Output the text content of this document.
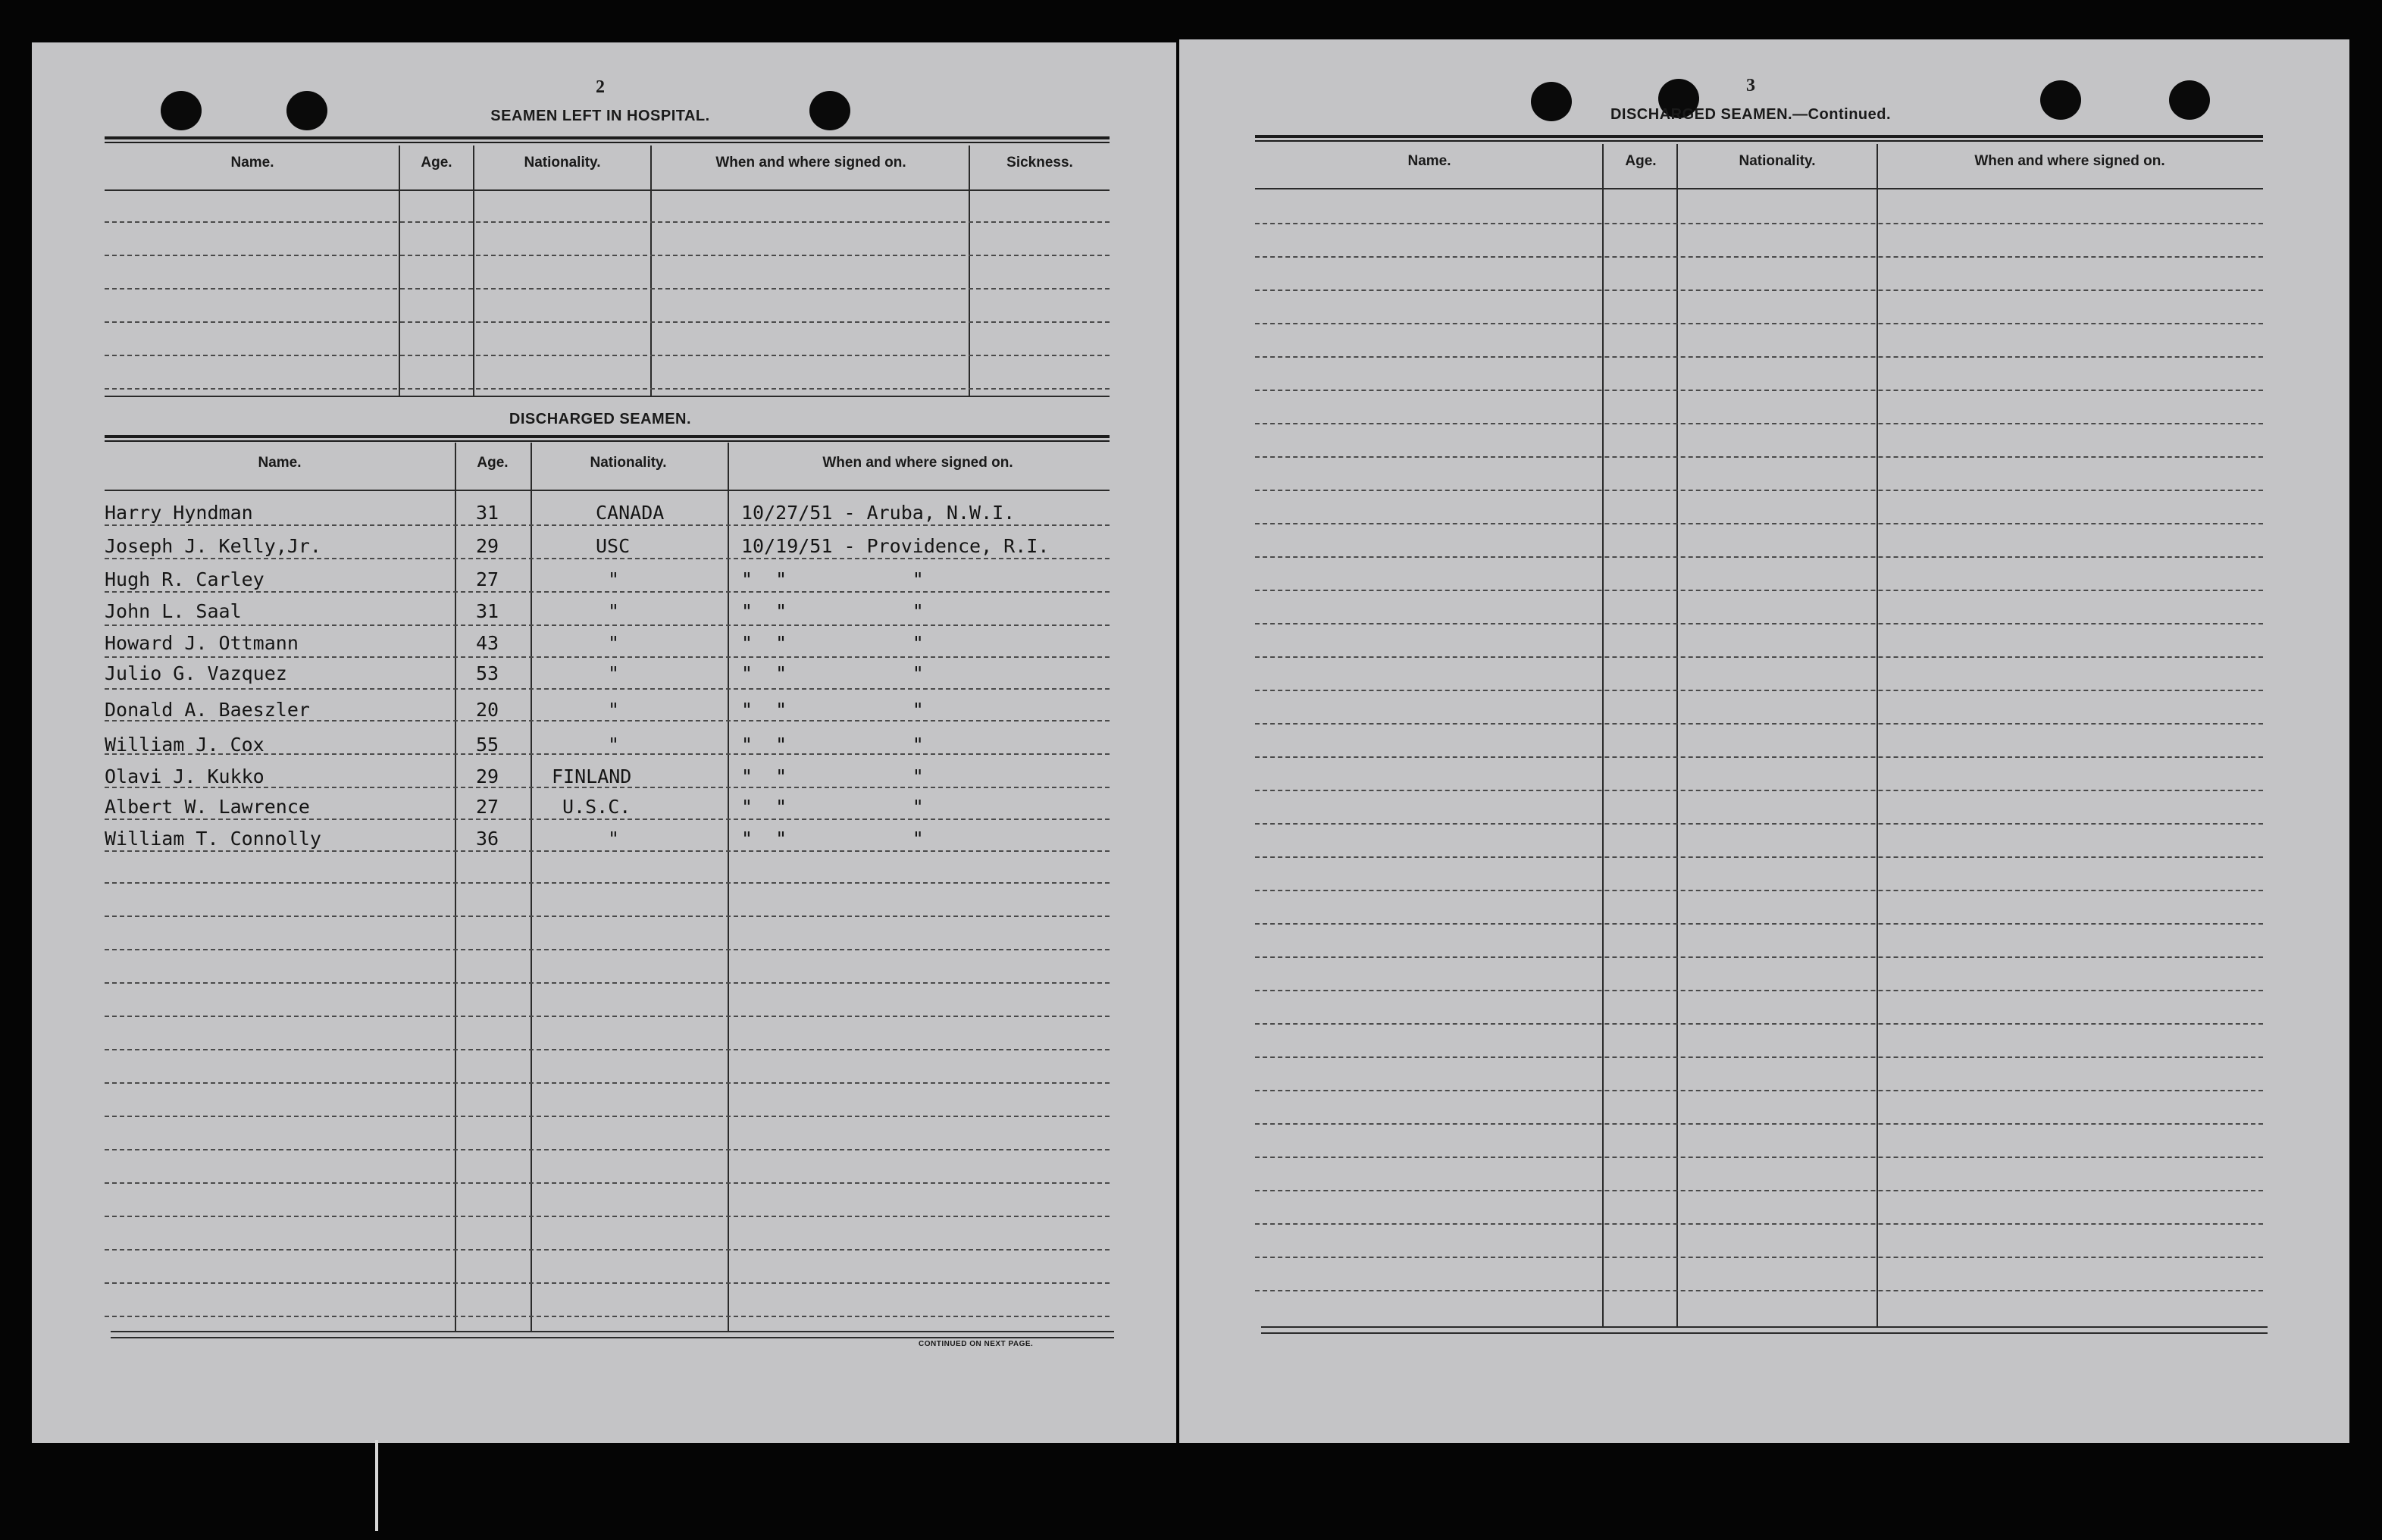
2
SEAMEN LEFT IN HOSPITAL.
Name.	Age.	Nationality.	When and where signed on.	Sickness.
DISCHARGED SEAMEN.
Name.	Age.	Nationality.	When and where signed on.
Harry Hyndman	31	CANADA	10/27/51 - Aruba, N.W.I.
Joseph J. Kelly,Jr.	29	USC	10/19/51 - Providence, R.I.
Hugh R. Carley	27	"	"  "           "
John L. Saal	31	"	"  "           "
Howard J. Ottmann	43	"	"  "           "
Julio G. Vazquez	53	"	"  "           "
Donald A. Baeszler	20	"	"  "           "
William J. Cox	55	"	"  "           "
Olavi J. Kukko	29	FINLAND	"  "           "
Albert W. Lawrence	27	U.S.C.	"  "           "
William T. Connolly	36	"	"  "           "
CONTINUED ON NEXT PAGE.
3
DISCHARGED SEAMEN.—Continued.
Name.	Age.	Nationality.	When and where signed on.
